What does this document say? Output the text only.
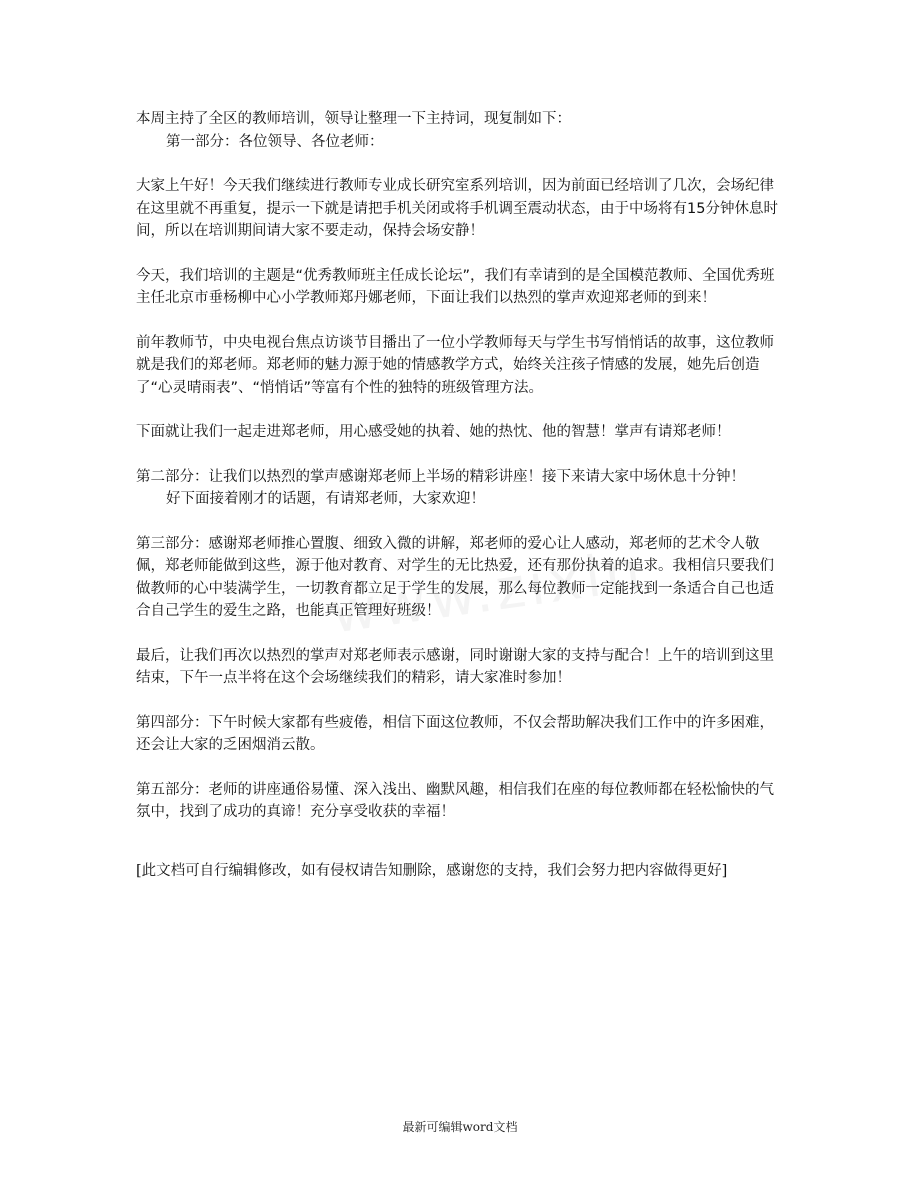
本周主持了全区的教师培训，领导让整理一下主持词，现复制如下：

第一部分：各位领导、各位老师：

大家上午好！今天我们继续进行教师专业成长研究室系列培训，因为前面已经培训了几次，会场纪律在这里就不再重复，提示一下就是请把手机关闭或将手机调至震动状态，由于中场将有15分钟休息时间，所以在培训期间请大家不要走动，保持会场安静！

今天，我们培训的主题是“优秀教师班主任成长论坛”，我们有幸请到的是全国模范教师、全国优秀班主任北京市垂杨柳中心小学教师郑丹娜老师，下面让我们以热烈的掌声欢迎郑老师的到来！

前年教师节，中央电视台焦点访谈节目播出了一位小学教师每天与学生书写悄悄话的故事，这位教师就是我们的郑老师。郑老师的魅力源于她的情感教学方式，始终关注孩子情感的发展，她先后创造了“心灵晴雨表”、“悄悄话”等富有个性的独特的班级管理方法。

下面就让我们一起走进郑老师，用心感受她的执着、她的热忱、他的智慧！掌声有请郑老师！

第二部分：让我们以热烈的掌声感谢郑老师上半场的精彩讲座！接下来请大家中场休息十分钟！

好下面接着刚才的话题，有请郑老师，大家欢迎！

第三部分：感谢郑老师推心置腹、细致入微的讲解，郑老师的爱心让人感动，郑老师的艺术令人敬佩，郑老师能做到这些，源于他对教育、对学生的无比热爱，还有那份执着的追求。我相信只要我们做教师的心中装满学生，一切教育都立足于学生的发展，那么每位教师一定能找到一条适合自己也适合自己学生的爱生之路，也能真正管理好班级！

最后，让我们再次以热烈的掌声对郑老师表示感谢，同时谢谢大家的支持与配合！上午的培训到这里结束，下午一点半将在这个会场继续我们的精彩，请大家准时参加！

第四部分：下午时候大家都有些疲倦，相信下面这位教师，不仅会帮助解决我们工作中的许多困难，还会让大家的乏困烟消云散。

第五部分：老师的讲座通俗易懂、深入浅出、幽默风趣，相信我们在座的每位教师都在轻松愉快的气氛中，找到了成功的真谛！充分享受收获的幸福！

[此文档可自行编辑修改，如有侵权请告知删除，感谢您的支持，我们会努力把内容做得更好]

最新可编辑word文档
